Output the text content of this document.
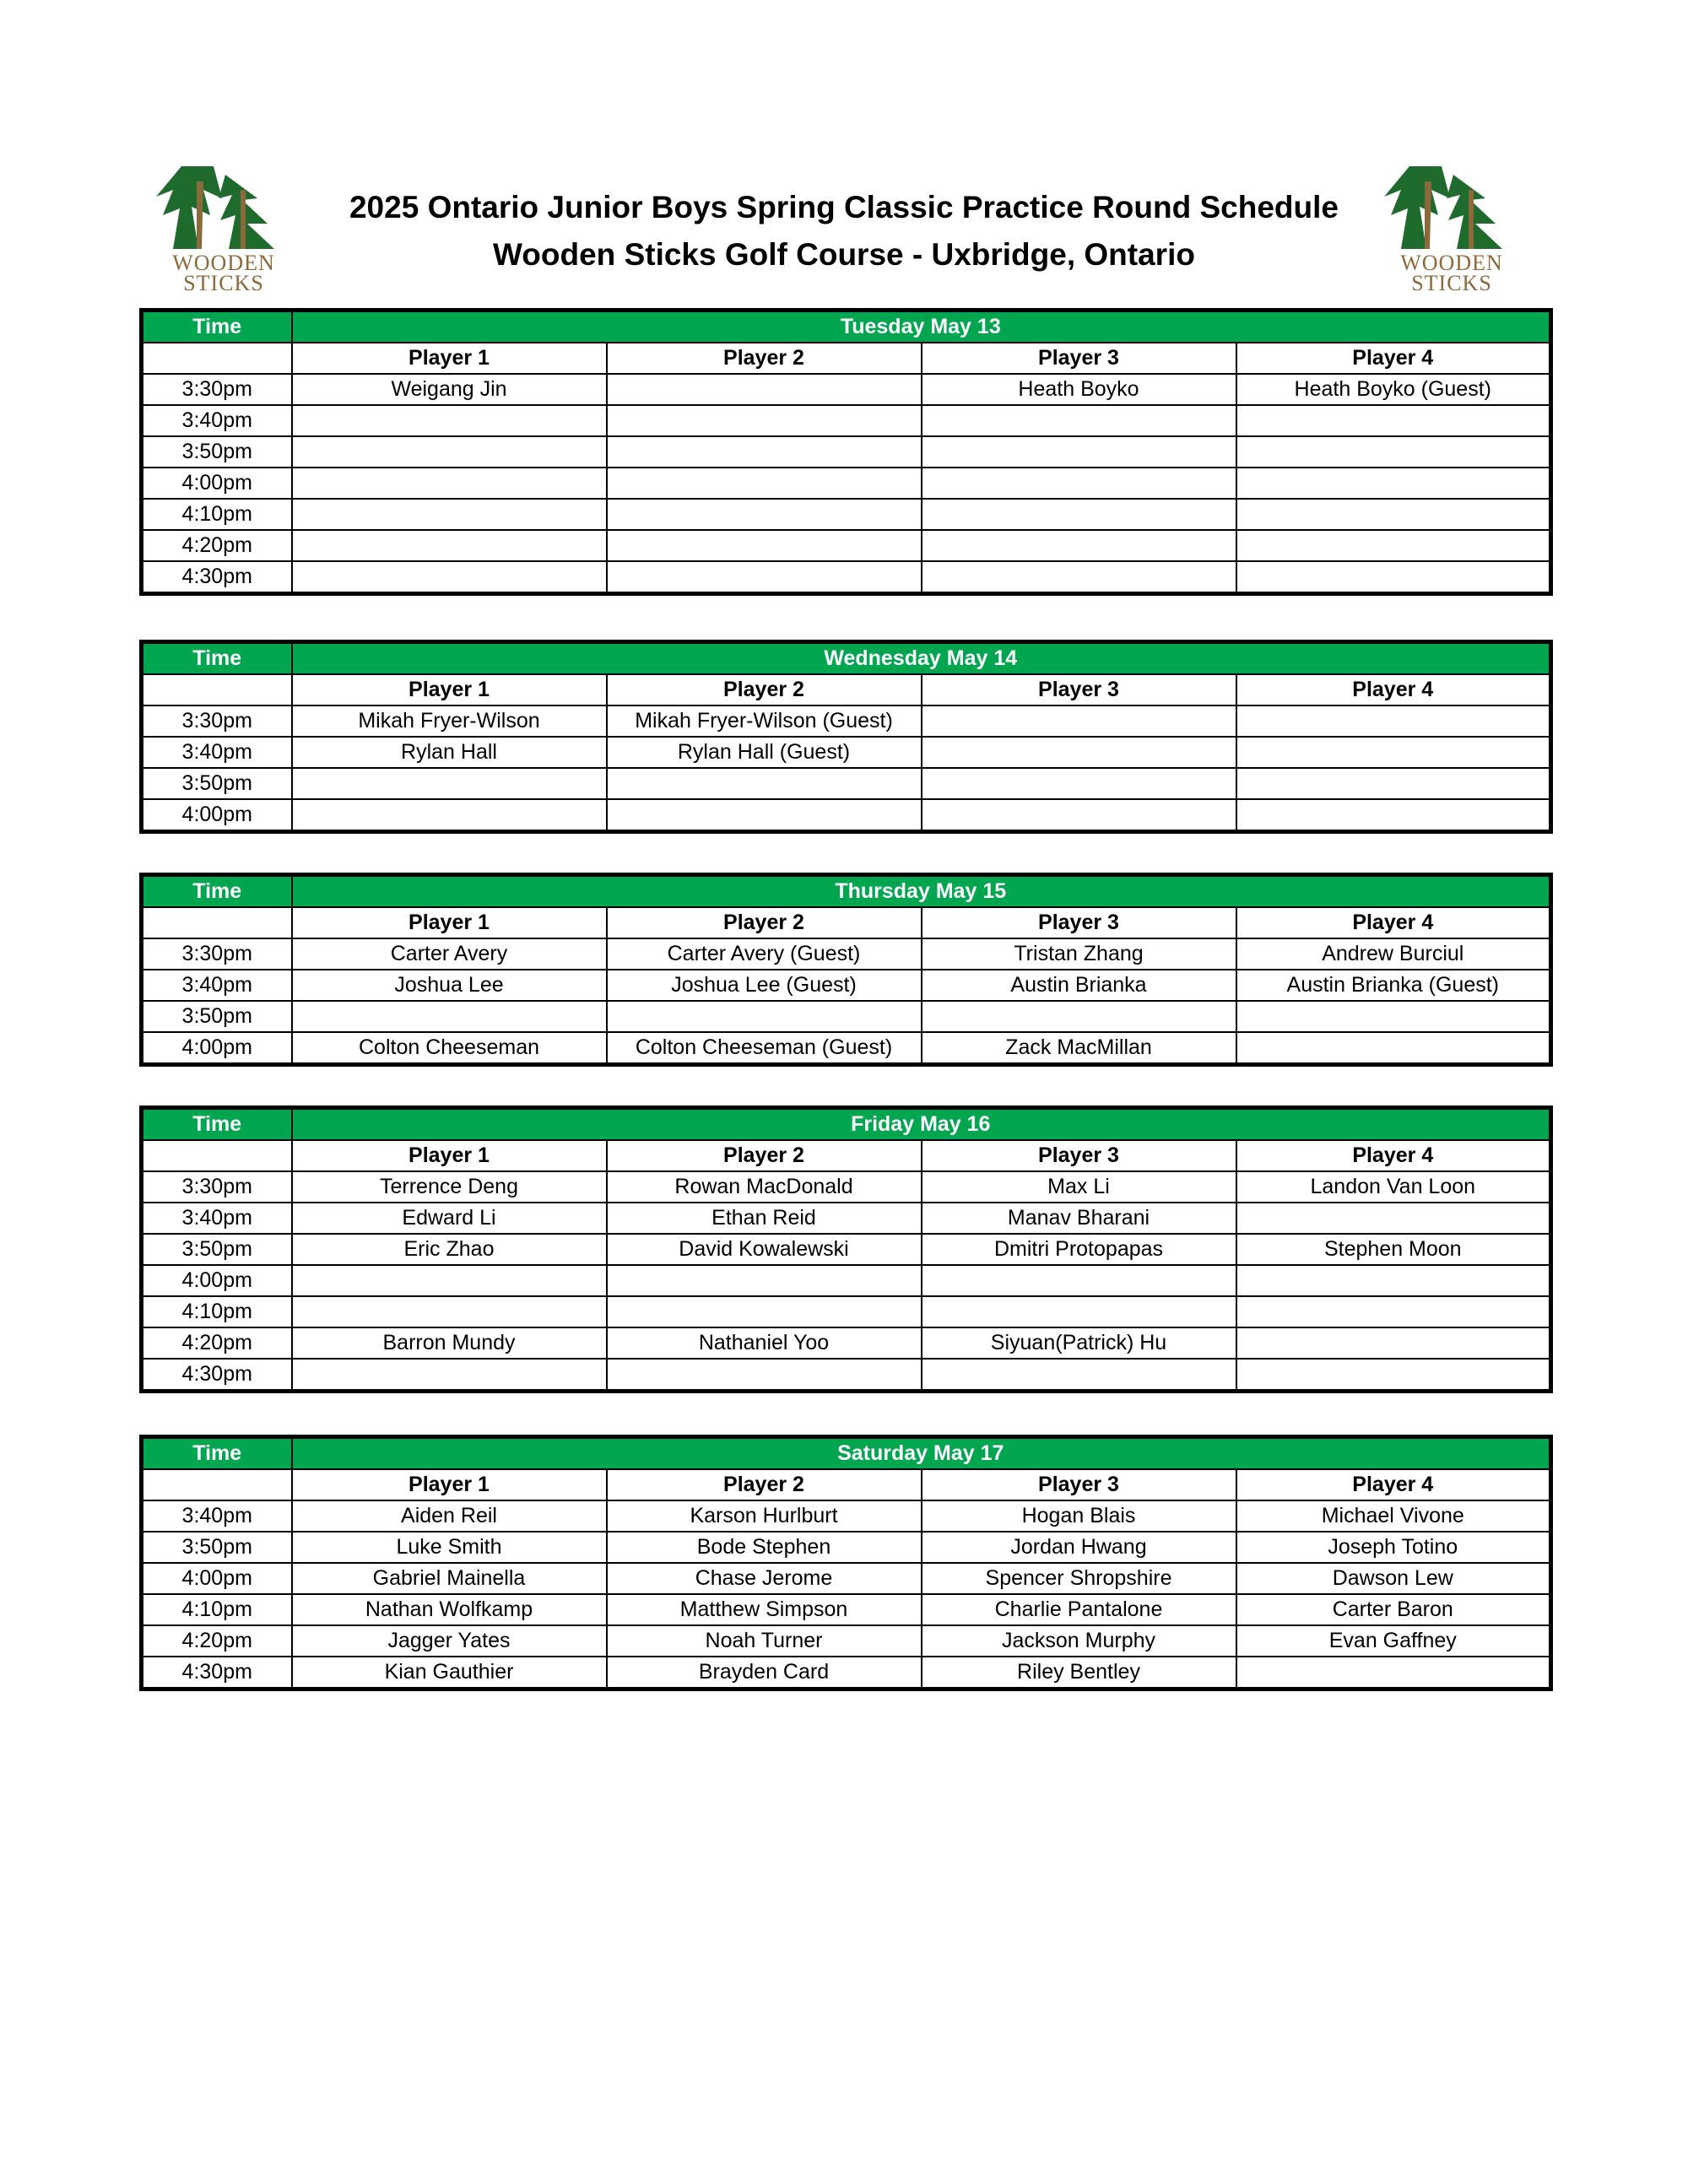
WOODEN
STICKS
WOODEN
STICKS
2025 Ontario Junior Boys Spring Classic Practice Round Schedule
Wooden Sticks Golf Course - Uxbridge, Ontario
Time	Tuesday May 13			
	Player 1	Player 2	Player 3	Player 4
3:30pm	Weigang Jin		Heath Boyko	Heath Boyko (Guest)
3:40pm				
3:50pm				
4:00pm				
4:10pm				
4:20pm				
4:30pm				
Time	Wednesday May 14			
	Player 1	Player 2	Player 3	Player 4
3:30pm	Mikah Fryer-Wilson	Mikah Fryer-Wilson (Guest)		
3:40pm	Rylan Hall	Rylan Hall (Guest)		
3:50pm				
4:00pm				
Time	Thursday May 15			
	Player 1	Player 2	Player 3	Player 4
3:30pm	Carter Avery	Carter Avery (Guest)	Tristan Zhang	Andrew Burciul
3:40pm	Joshua Lee	Joshua Lee (Guest)	Austin Brianka	Austin Brianka (Guest)
3:50pm				
4:00pm	Colton Cheeseman	Colton Cheeseman (Guest)	Zack MacMillan	
Time	Friday May 16			
	Player 1	Player 2	Player 3	Player 4
3:30pm	Terrence Deng	Rowan MacDonald	Max Li	Landon Van Loon
3:40pm	Edward Li	Ethan Reid	Manav Bharani	
3:50pm	Eric Zhao	David Kowalewski	Dmitri Protopapas	Stephen Moon
4:00pm				
4:10pm				
4:20pm	Barron Mundy	Nathaniel Yoo	Siyuan(Patrick) Hu	
4:30pm				
Time	Saturday May 17			
	Player 1	Player 2	Player 3	Player 4
3:40pm	Aiden Reil	Karson Hurlburt	Hogan Blais	Michael Vivone
3:50pm	Luke Smith	Bode Stephen	Jordan Hwang	Joseph Totino
4:00pm	Gabriel Mainella	Chase Jerome	Spencer Shropshire	Dawson Lew
4:10pm	Nathan Wolfkamp	Matthew Simpson	Charlie Pantalone	Carter Baron
4:20pm	Jagger Yates	Noah Turner	Jackson Murphy	Evan Gaffney
4:30pm	Kian Gauthier	Brayden Card	Riley Bentley	
